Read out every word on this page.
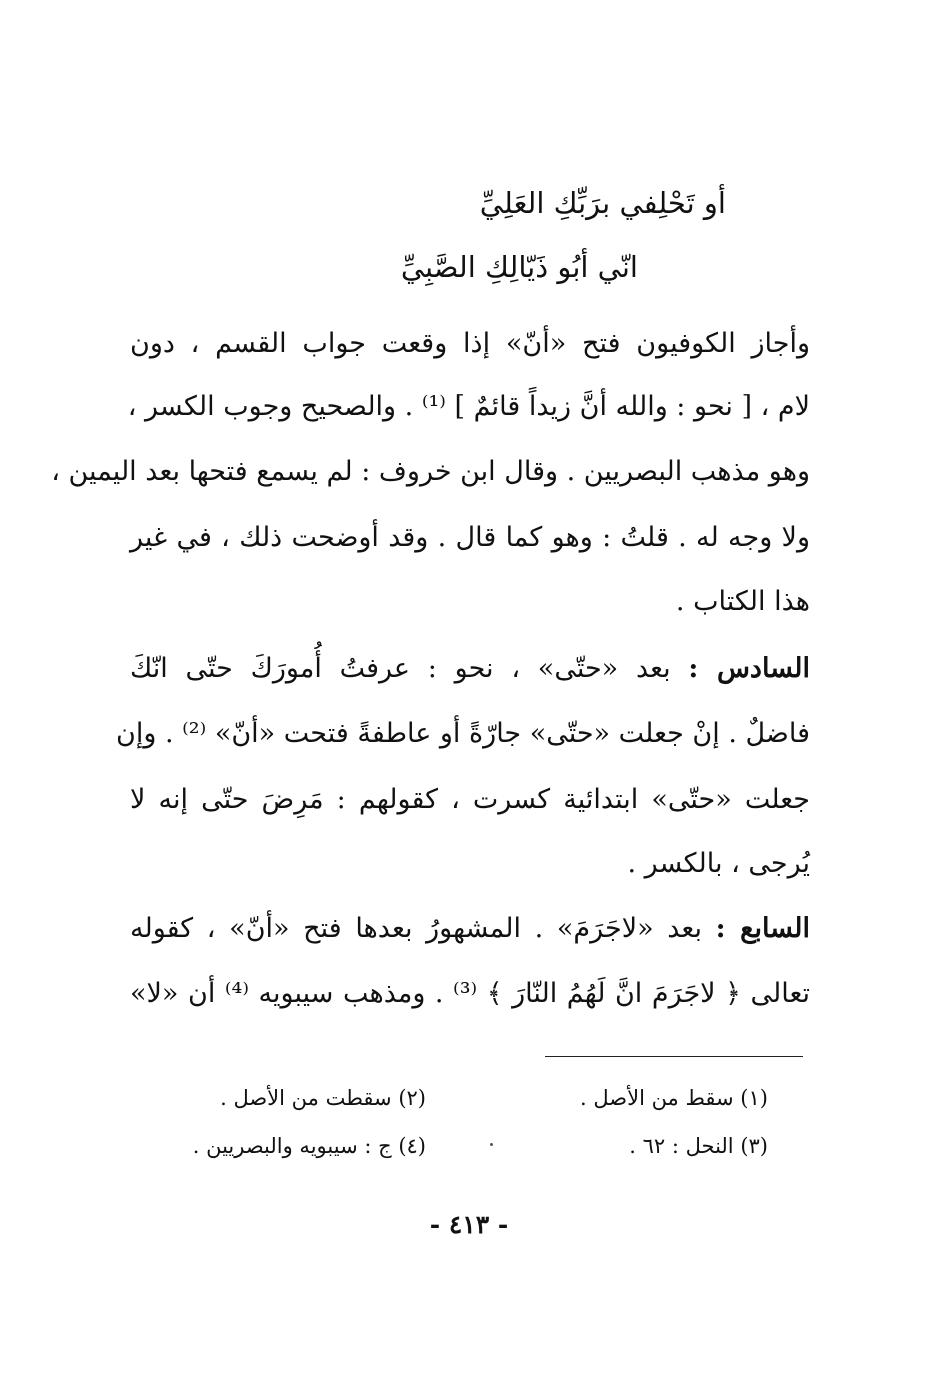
أو تَحْلِفي برَبِّكِ العَلِيِّ
انّي أبُو ذَيّالِكِ الصَّبِيِّ
وأجاز الكوفيون فتح «أنّ» إذا وقعت جواب القسم ، دون
لام ، [ نحو : والله أنَّ زيداً قائمٌ ] ⁽¹⁾ . والصحيح وجوب الكسر ،
وهو مذهب البصريين . وقال ابن خروف : لم يسمع فتحها بعد اليمين ،
ولا وجه له . قلتُ : وهو كما قال . وقد أوضحت ذلك ، في غير
هذا الكتاب .
السادس : بعد «حتّى» ، نحو : عرفتُ أُمورَكَ حتّى انّكَ
فاضلٌ . إنْ جعلت «حتّى» جارّةً أو عاطفةً فتحت «أنّ» ⁽²⁾ . وإن
جعلت «حتّى» ابتدائية كسرت ، كقولهم : مَرِضَ حتّى إنه لا
يُرجى ، بالكسر .
السابع : بعد «لاجَرَمَ» . المشهورُ بعدها فتح «أنّ» ، كقوله
تعالى ﴿ لاجَرَمَ انَّ لَهُمُ النّارَ ﴾ ⁽³⁾ . ومذهب سيبويه ⁽⁴⁾ أن «لا»
(١) سقط من الأصل .
(٢) سقطت من الأصل .
(٣) النحل : ٦٢ .
(٤) ج : سيبويه والبصريين .
- ٤١٣ -
